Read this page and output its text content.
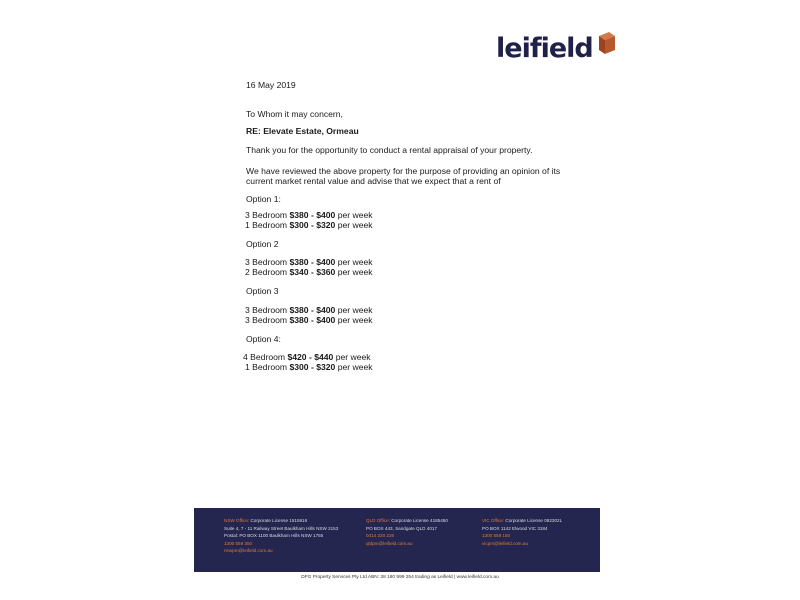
leifield

16 May 2019

To Whom it may concern,
RE: Elevate Estate, Ormeau
Thank you for the opportunity to conduct a rental appraisal of your property.
We have reviewed the above property for the purpose of providing an opinion of its current market rental value and advise that we expect that a rent of
Option 1:
3 Bedroom $380 - $400 per week
1 Bedroom $300 - $320 per week
Option 2
3 Bedroom $380 - $400 per week
2 Bedroom $340 - $360 per week
Option 3
3 Bedroom $380 - $400 per week
3 Bedroom $380 - $400 per week
Option 4:
4 Bedroom $420 - $440 per week
1 Bedroom $300 - $320 per week
NSW Office: Corporate License 1515916
Suite 4, 7 - 11 Railway Street Baulkham Hills NSW 2153
Postal: PO BOX 1100 Baulkham Hills NSW 1755
1300 559 350
nswpm@leifield.com.au
QLD Office: Corporate License 4185450
PO BOX 443, Sandgate QLD 4017
0414 220 226
qldpm@leifield.com.au
VIC Office: Corporate License 082302L
PO BOX 1142 Elwood VIC 3184
1300 559 150
vicpm@leifield.com.au
DFG Property Services Pty Ltd ABN: 38 180 999 254 trading as Leifield | www.leifield.com.au
